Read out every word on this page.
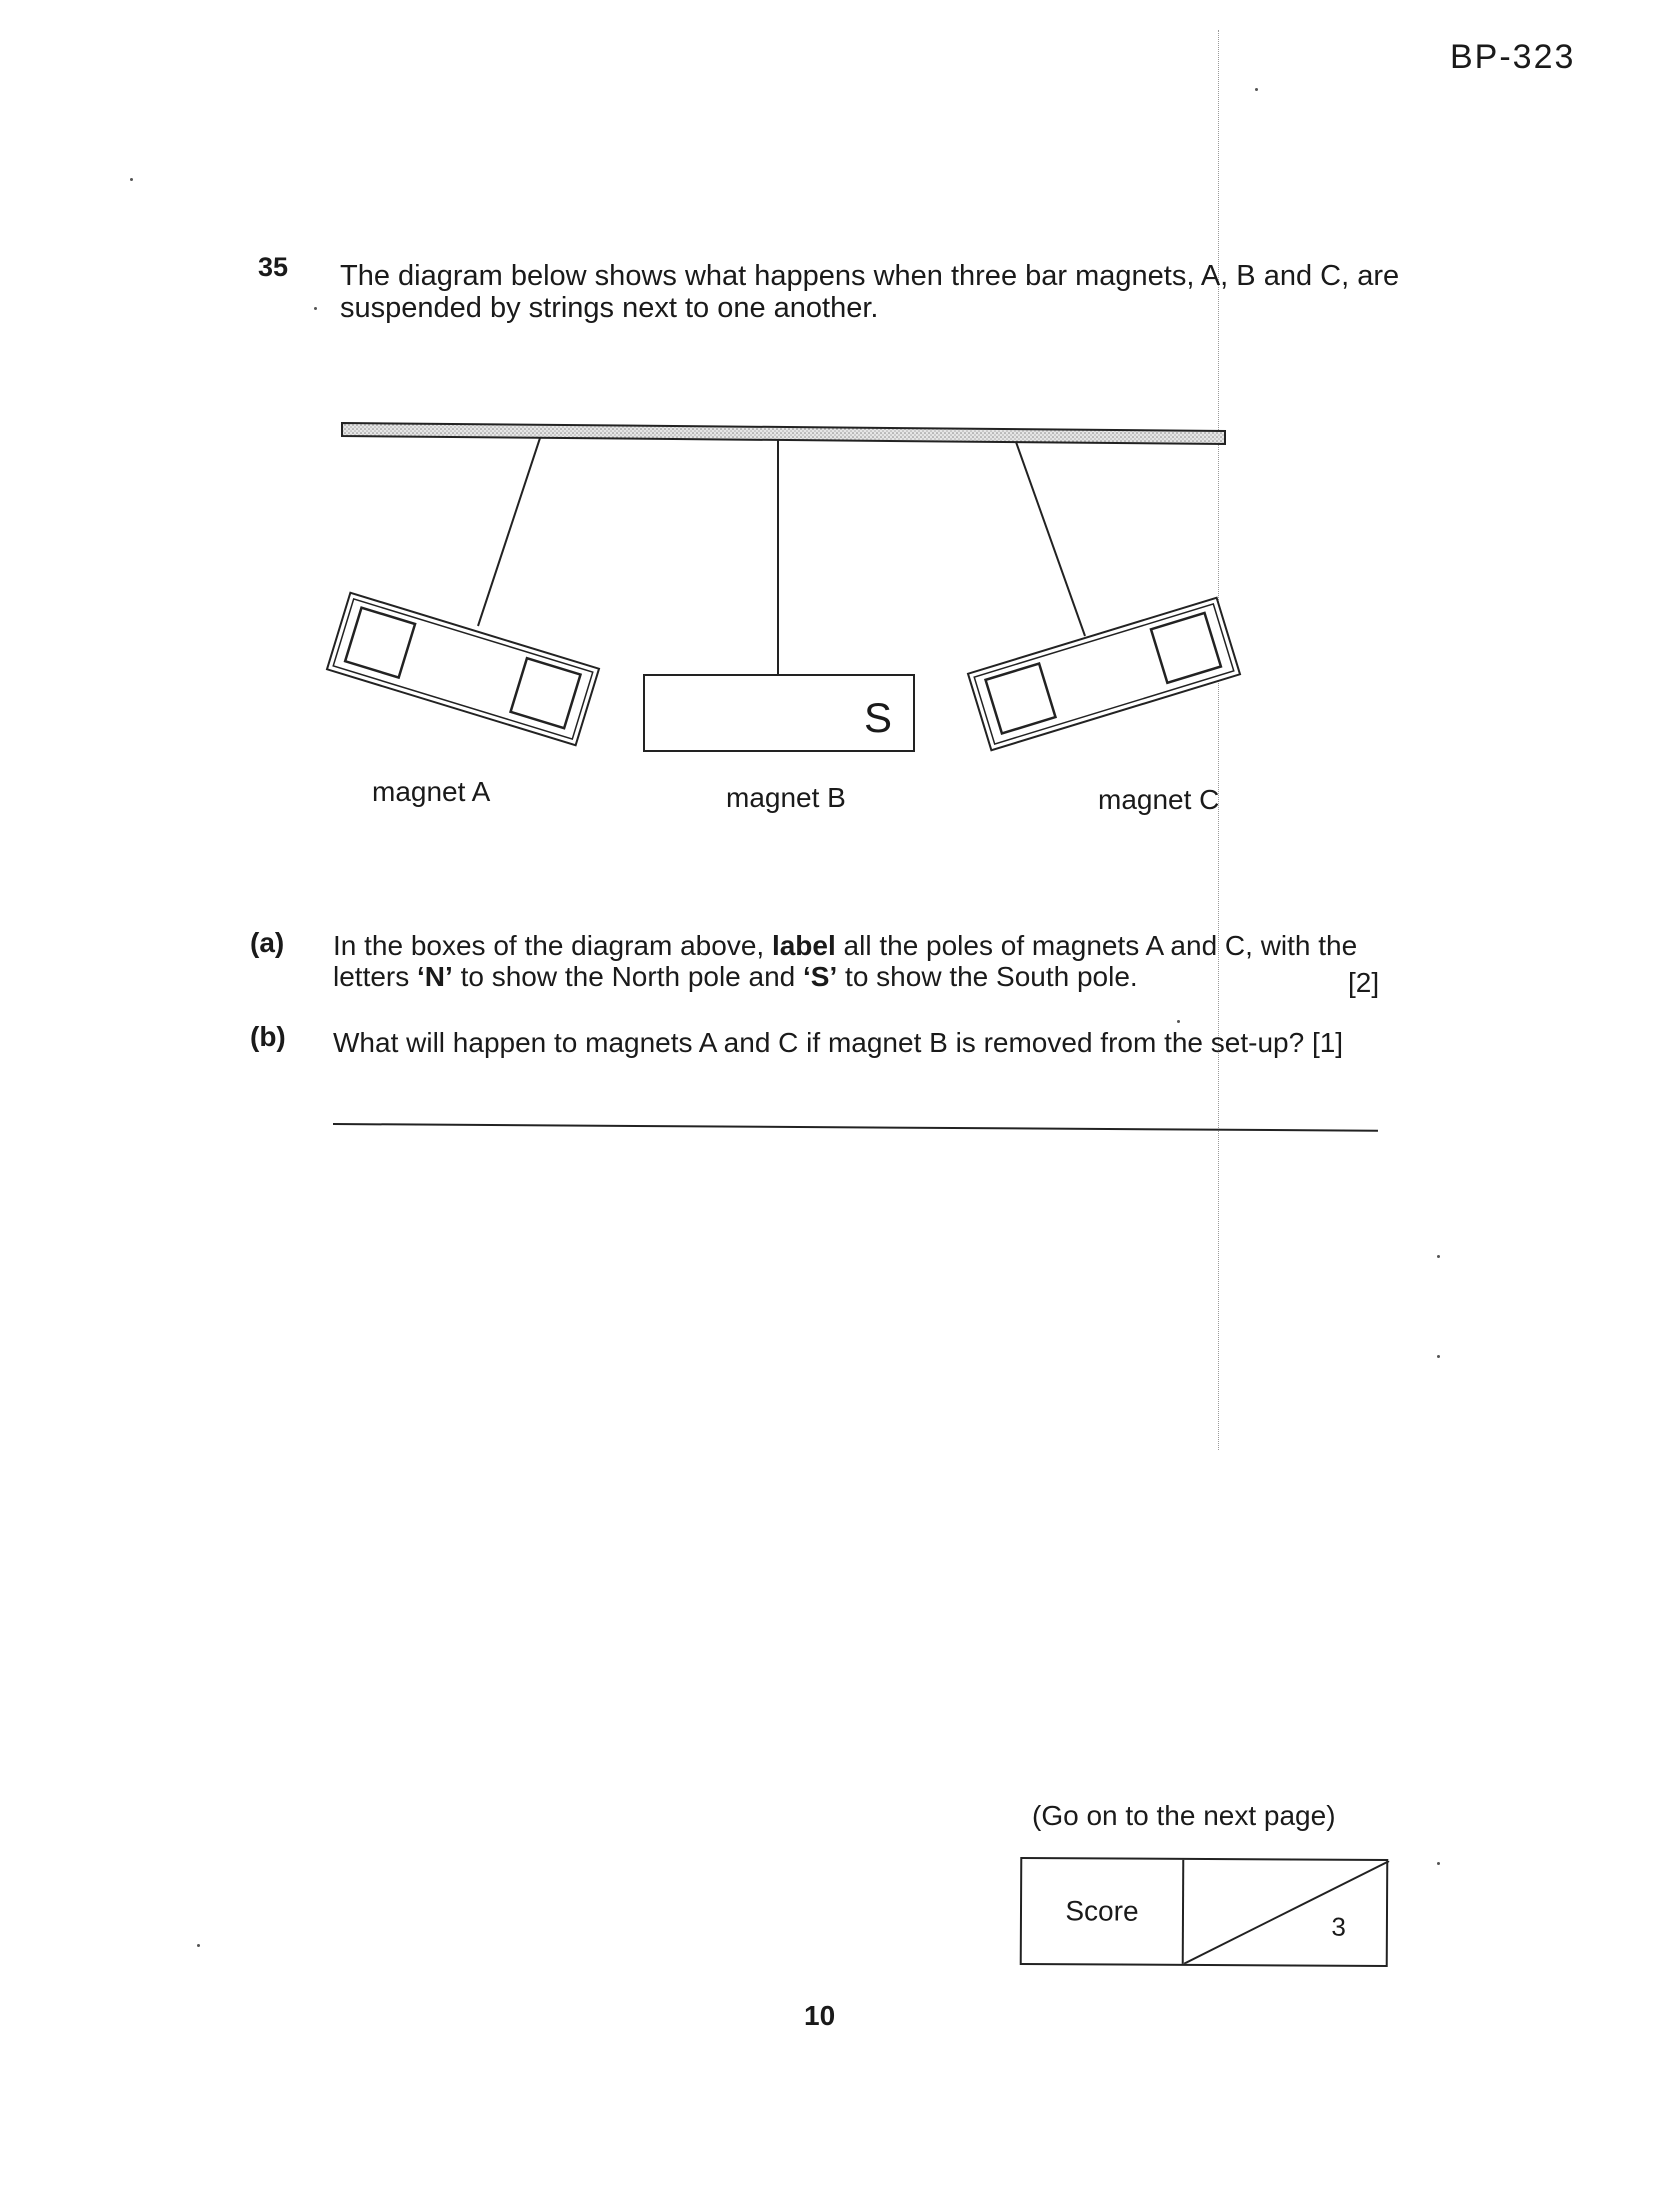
BP-323
35 The diagram below shows what happens when three bar magnets, A, B and C, are suspended by strings next to one another.
S
magnet A	magnet B	magnet C
(a) In the boxes of the diagram above, label all the poles of magnets A and C, with the
letters ‘N’ to show the North pole and ‘S’ to show the South pole.	[2]
(b) What will happen to magnets A and C if magnet B is removed from the set-up? [1]
(Go on to the next page)
Score
3
10
